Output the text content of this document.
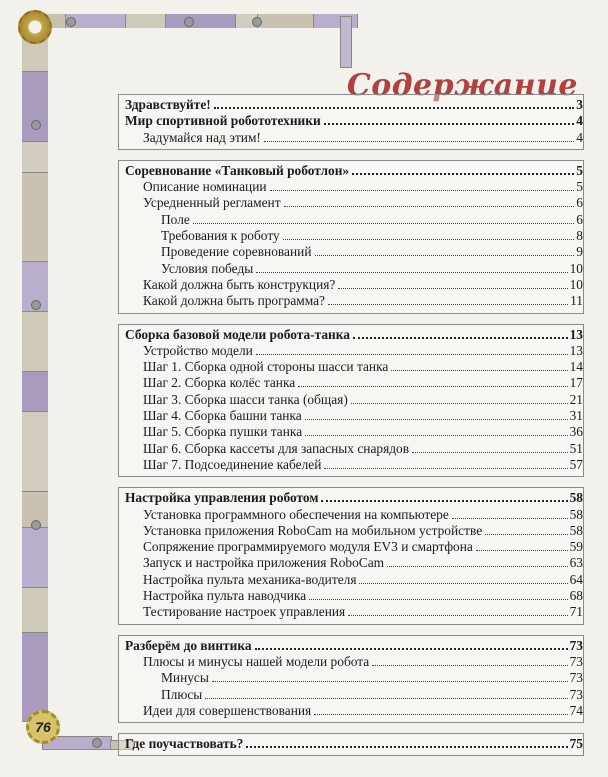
76
Содержание
Здравствуйте!	3
Мир спортивной робототехники	4
Задумайся над этим!	4
Соревнование «Танковый роботлон»	5
Описание номинации	5
Усредненный регламент	6
Поле	6
Требования к роботу	8
Проведение соревнований	9
Условия победы	10
Какой должна быть конструкция?	10
Какой должна быть программа?	11
Сборка базовой модели робота-танка	13
Устройство модели	13
Шаг 1. Сборка одной стороны шасси танка	14
Шаг 2. Сборка колёс танка	17
Шаг 3. Сборка шасси танка (общая)	21
Шаг 4. Сборка башни танка	31
Шаг 5. Сборка пушки танка	36
Шаг 6. Сборка кассеты для запасных снарядов	51
Шаг 7. Подсоединение кабелей	57
Настройка управления роботом	58
Установка программного обеспечения на компьютере	58
Установка приложения RoboCam на мобильном устройстве	58
Сопряжение программируемого модуля EV3 и смартфона	59
Запуск и настройка приложения RoboCam	63
Настройка пульта механика-водителя	64
Настройка пульта наводчика	68
Тестирование настроек управления	71
Разберём до винтика	73
Плюсы и минусы нашей модели робота	73
Минусы	73
Плюсы	73
Идеи для совершенствования	74
Где поучаствовать?	75
